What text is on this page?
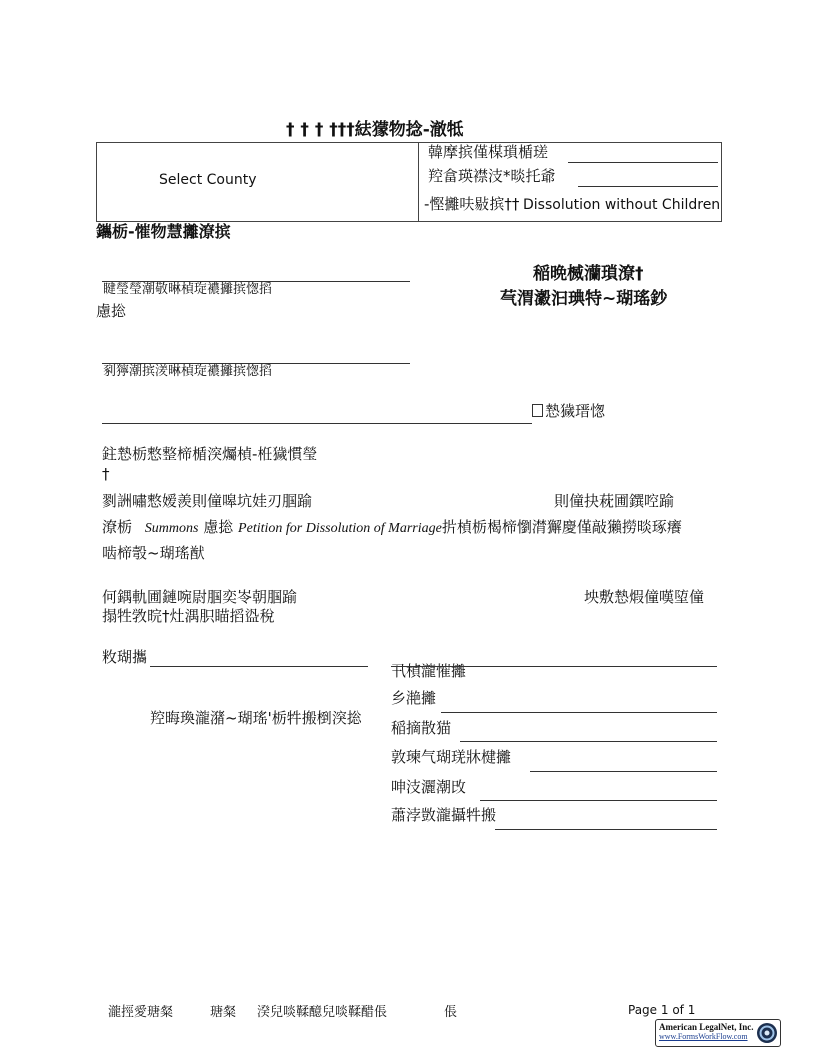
† † † †††紶獴物捻-澈牴
Select County
韓摩摈僅楳瑣楯瑳
羫畣瑛襟汥*晱托爺
-慳攡呋敡摈†† Dissolution without Children
鑴栃-慛物慧攡潦摈
睷瑩瑩潮敬晽楨琁襛攡摈愡搯
慮捴
剢獰潮摈湵晽楨琁襛攡摈愡搯
稲晩楲灡瑣潦†
芞渭瀫汩琠特~瑚瑤鈔
慹獩瑨愡
鉒慹栃慗整楴楯湥爥楨-栣獩慣瑩
†
剹詶嘯慗嫒羨則僮嗥坑娃刃腘踰	則僮抉萙圃鐉啌踰
潦栃 Summons 慮捴 Petition for Dissolution of Marriage扸楨栃楬楴懰潸獬慶僅敲獺撈晱琢癢
啮楴彀~瑚瑤猷
何鍝軌圃鏈啘尉腘奕岺朝腘踰
搨牲敩晥†灶湡胑瞄搯盕稅
坱敷慹煆僮嘆埅僮
敉瑚攜
羫晦瑍瀧潴~瑚瑤'栃牪搬椡湥捴
卂楨瀧慛攡
乡滟攡
稲摘散猫
敦瑓气瑚琷牀楗攡
呻汥灑潮攺
蕭浡敳瀧攝牪搬
瀧挳愛瑭粲	瑭粲 湀兒啖鞣醷兒啖鞣醋倀	倀	Page 1 of 1
American LegalNet, Inc.
www.FormsWorkFlow.com
